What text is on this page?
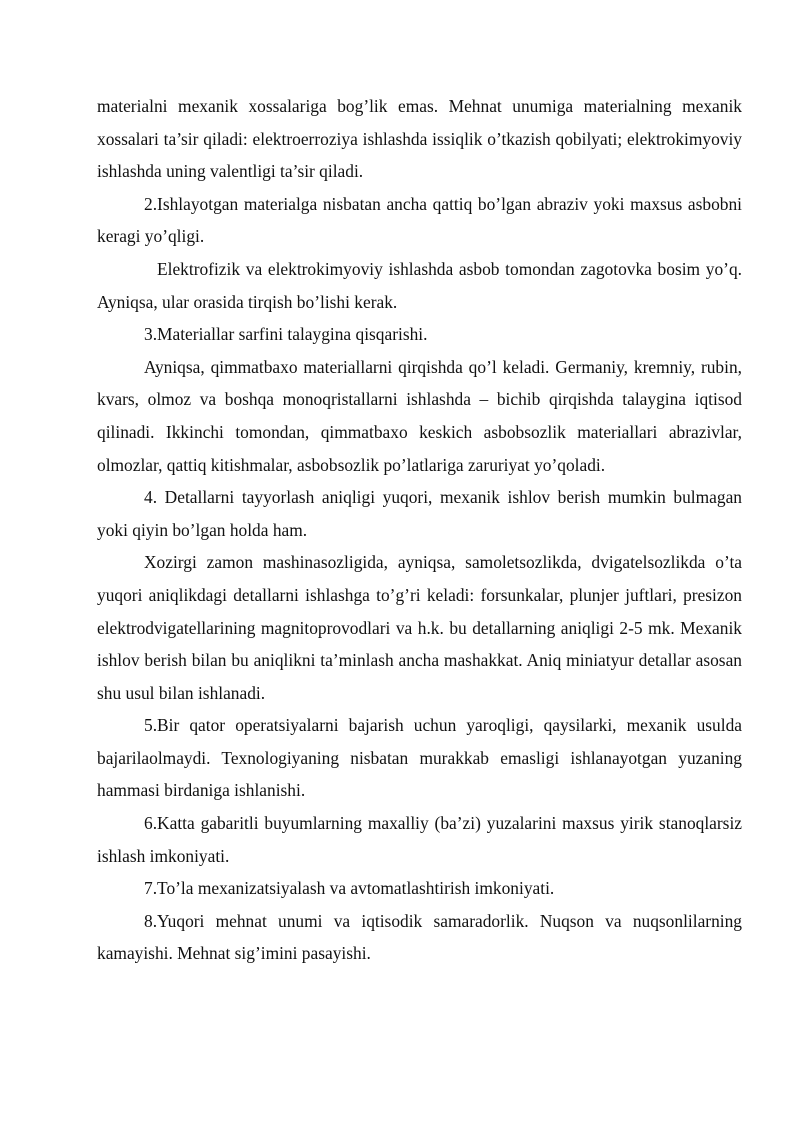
materialni mexanik xossalariga bog’lik emas. Mehnat unumiga materialning mexanik xossalari ta’sir qiladi: elektroerroziya ishlashda issiqlik o’tkazish qobilyati; elektrokimyoviy ishlashda uning valentligi ta’sir qiladi.

2.Ishlayotgan materialga nisbatan ancha qattiq bo’lgan abraziv yoki maxsus asbobni keragi yo’qligi.

Elektrofizik va elektrokimyoviy ishlashda asbob tomondan zagotovka bosim yo’q. Ayniqsa, ular orasida tirqish bo’lishi kerak.

3.Materiallar sarfini talaygina qisqarishi.

Ayniqsa, qimmatbaxo materiallarni qirqishda qo’l keladi. Germaniy, kremniy, rubin, kvars, olmoz va boshqa monoqristallarni ishlashda – bichib qirqishda talaygina iqtisod qilinadi. Ikkinchi tomondan, qimmatbaxo keskich asbobsozlik materiallari abrazivlar, olmozlar, qattiq kitishmalar, asbobsozlik po’latlariga zaruriyat yo’qoladi.

4. Detallarni tayyorlash aniqligi yuqori, mexanik ishlov berish mumkin bulmagan yoki qiyin bo’lgan holda ham.

Xozirgi zamon mashinasozligida, ayniqsa, samoletsozlikda, dvigatelsozlikda o’ta yuqori aniqlikdagi detallarni ishlashga to’g’ri keladi: forsunkalar, plunjer juftlari, presizon elektrodvigatellarining magnitoprovodlari va h.k. bu detallarning aniqligi 2-5 mk. Mexanik ishlov berish bilan bu aniqlikni ta’minlash ancha mashakkat. Aniq miniatyur detallar asosan shu usul bilan ishlanadi.

5.Bir qator operatsiyalarni bajarish uchun yaroqligi, qaysilarki, mexanik usulda bajarilaolmaydi. Texnologiyaning nisbatan murakkab emasligi ishlanayotgan yuzaning hammasi birdaniga ishlanishi.

6.Katta gabaritli buyumlarning maxalliy (ba’zi) yuzalarini maxsus yirik stanoqlarsiz ishlash imkoniyati.

7.To’la mexanizatsiyalash va avtomatlashtirish imkoniyati.

8.Yuqori mehnat unumi va iqtisodik samaradorlik. Nuqson va nuqsonlilarning kamayishi. Mehnat sig’imini pasayishi.
